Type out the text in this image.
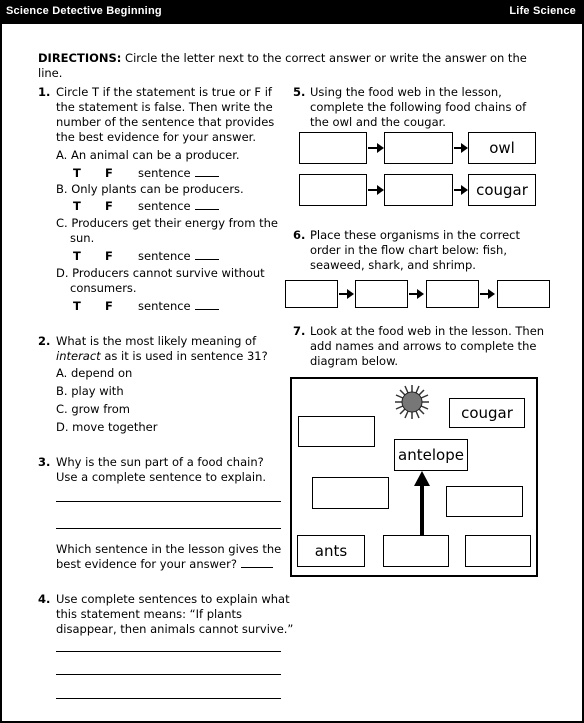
Science Detective Beginning	Life Science
DIRECTIONS: Circle the letter next to the correct answer or write the answer on the
line.
1. Circle T if the statement is true or F if
the statement is false. Then write the
number of the sentence that provides
the best evidence for your answer.
A. An animal can be a producer.
T F sentence
B. Only plants can be producers.
T F sentence
C. Producers get their energy from the
sun.
T F sentence
D. Producers cannot survive without
consumers.
T F sentence
2. What is the most likely meaning of
interact as it is used in sentence 31?
A. depend on
B. play with
C. grow from
D. move together
3. Why is the sun part of a food chain?
Use a complete sentence to explain.
Which sentence in the lesson gives the
best evidence for your answer?
4. Use complete sentences to explain what
this statement means: “If plants
disappear, then animals cannot survive.”
5. Using the food web in the lesson,
complete the following food chains of
the owl and the cougar.
owl
cougar
6. Place these organisms in the correct
order in the flow chart below: fish,
seaweed, shark, and shrimp.
7. Look at the food web in the lesson. Then
add names and arrows to complete the
diagram below.
cougar
antelope
ants
